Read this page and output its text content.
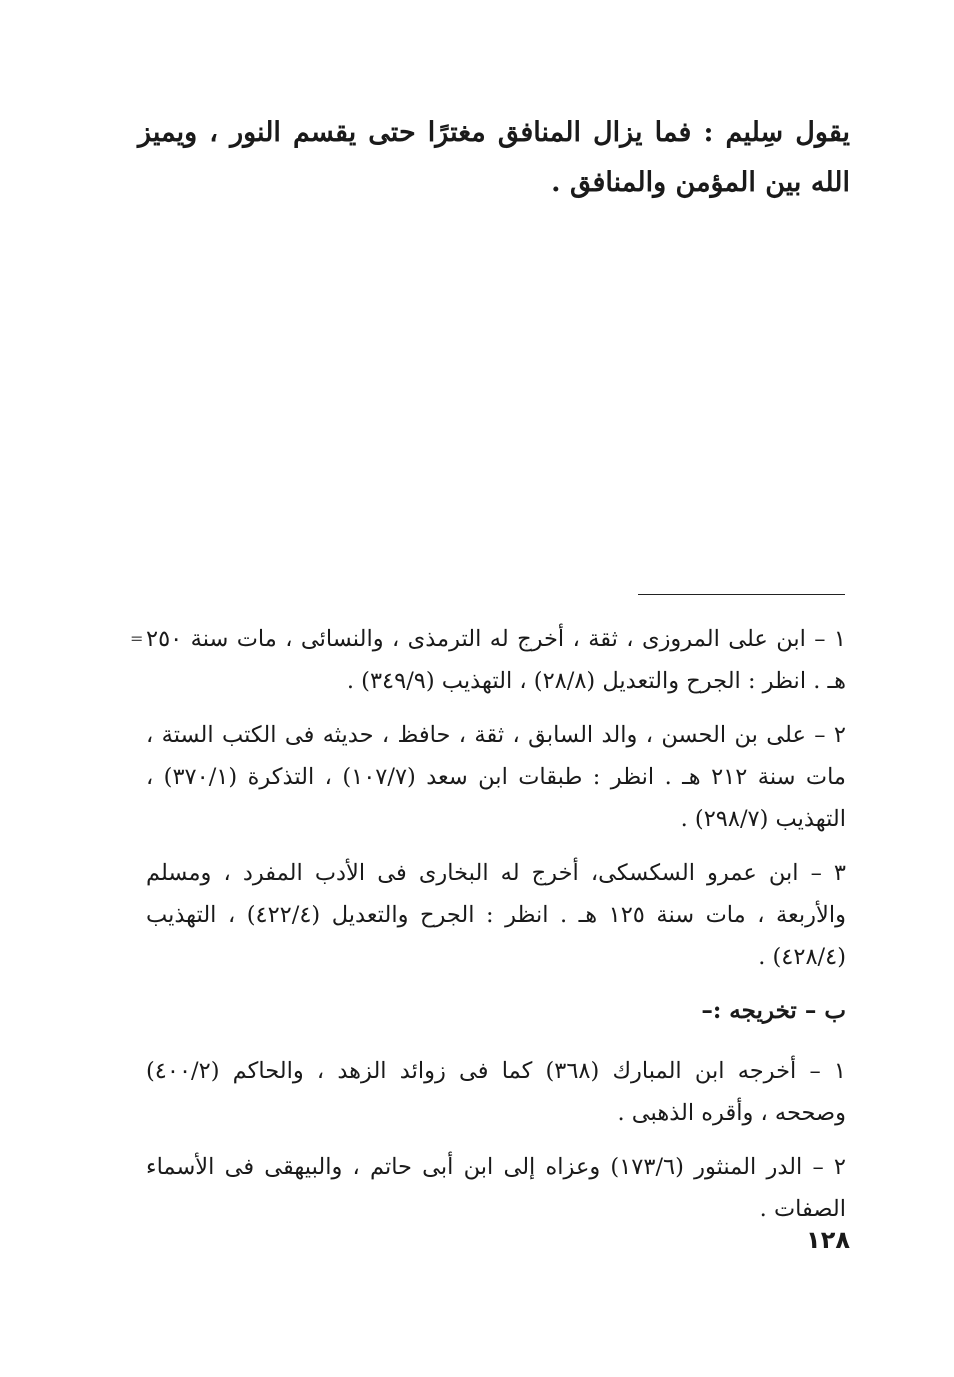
يقول سِليم : فما يزال المنافق مغترًا حتى يقسم النور ، ويميز الله بين المؤمن والمنافق .

= ١ – ابن على المروزى ، ثقة ، أخرج له الترمذى ، والنسائى ، مات سنة ٢٥٠ هـ . انظر : الجرح والتعديل (٢٨/٨) ، التهذيب (٣٤٩/٩) .

٢ – على بن الحسن ، والد السابق ، ثقة ، حافظ ، حديثه فى الكتب الستة ، مات سنة ٢١٢ هـ . انظر : طبقات ابن سعد (١٠٧/٧) ، التذكرة (٣٧٠/١) ، التهذيب (٢٩٨/٧) .

٣ – ابن عمرو السكسكى، أخرج له البخارى فى الأدب المفرد ، ومسلم والأربعة ، مات سنة ١٢٥ هـ . انظر : الجرح والتعديل (٤٢٢/٤) ، التهذيب (٤٢٨/٤) .

ب – تخريجه :–

١ – أخرجه ابن المبارك (٣٦٨) كما فى زوائد الزهد ، والحاكم (٤٠٠/٢) وصححه ، وأقره الذهبى .

٢ – الدر المنثور (١٧٣/٦) وعزاه إلى ابن أبى حاتم ، والبيهقى فى الأسماء الصفات .

١٢٨
